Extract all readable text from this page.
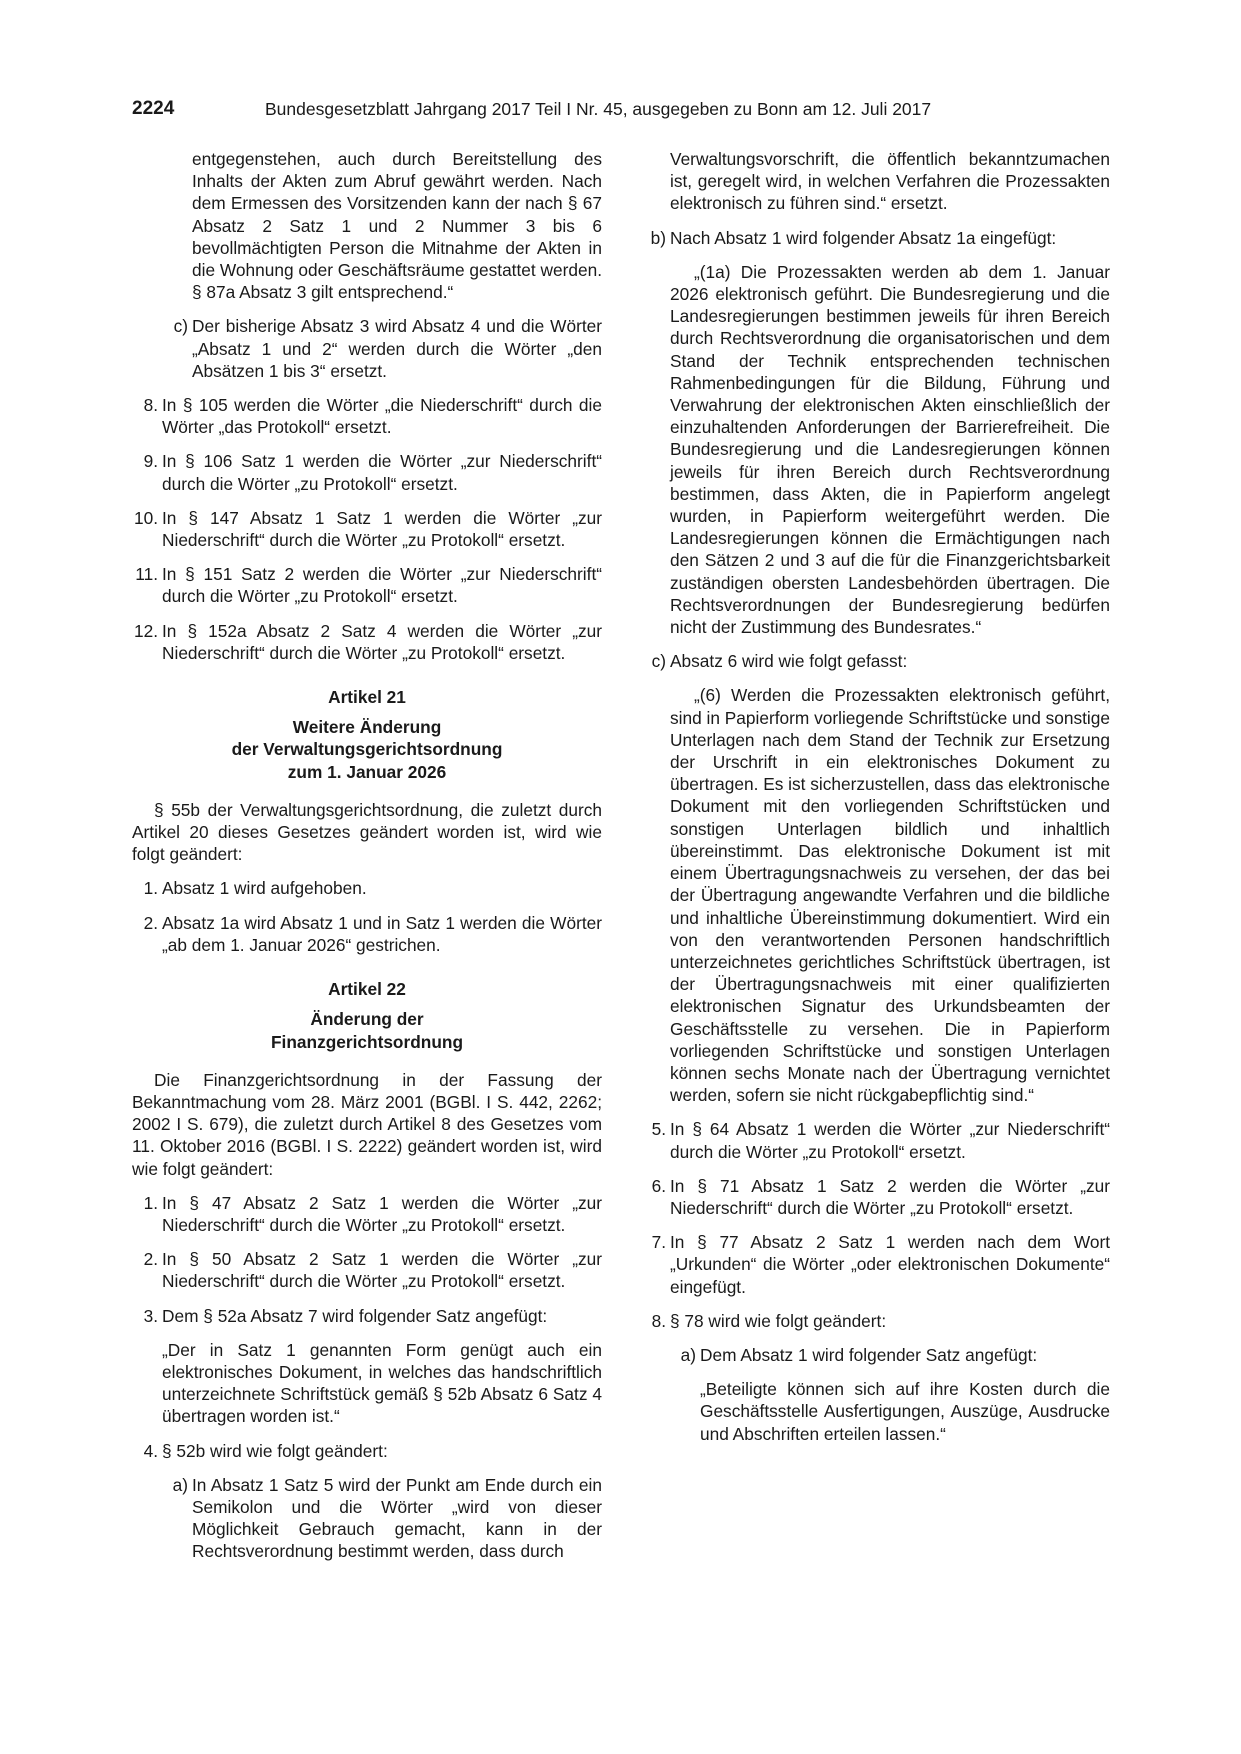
2224	Bundesgesetzblatt Jahrgang 2017 Teil I Nr. 45, ausgegeben zu Bonn am 12. Juli 2017

entgegenstehen, auch durch Bereitstellung des Inhalts der Akten zum Abruf gewährt werden. Nach dem Ermessen des Vorsitzenden kann der nach § 67 Absatz 2 Satz 1 und 2 Nummer 3 bis 6 bevollmächtigten Person die Mitnahme der Akten in die Wohnung oder Geschäftsräume gestattet werden. § 87a Absatz 3 gilt entsprechend.“

c) Der bisherige Absatz 3 wird Absatz 4 und die Wörter „Absatz 1 und 2“ werden durch die Wörter „den Absätzen 1 bis 3“ ersetzt.

8. In § 105 werden die Wörter „die Niederschrift“ durch die Wörter „das Protokoll“ ersetzt.

9. In § 106 Satz 1 werden die Wörter „zur Niederschrift“ durch die Wörter „zu Protokoll“ ersetzt.

10. In § 147 Absatz 1 Satz 1 werden die Wörter „zur Niederschrift“ durch die Wörter „zu Protokoll“ ersetzt.

11. In § 151 Satz 2 werden die Wörter „zur Niederschrift“ durch die Wörter „zu Protokoll“ ersetzt.

12. In § 152a Absatz 2 Satz 4 werden die Wörter „zur Niederschrift“ durch die Wörter „zu Protokoll“ ersetzt.

Artikel 21
Weitere Änderung
der Verwaltungsgerichtsordnung
zum 1. Januar 2026

§ 55b der Verwaltungsgerichtsordnung, die zuletzt durch Artikel 20 dieses Gesetzes geändert worden ist, wird wie folgt geändert:

1. Absatz 1 wird aufgehoben.

2. Absatz 1a wird Absatz 1 und in Satz 1 werden die Wörter „ab dem 1. Januar 2026“ gestrichen.

Artikel 22
Änderung der
Finanzgerichtsordnung

Die Finanzgerichtsordnung in der Fassung der Bekanntmachung vom 28. März 2001 (BGBl. I S. 442, 2262; 2002 I S. 679), die zuletzt durch Artikel 8 des Gesetzes vom 11. Oktober 2016 (BGBl. I S. 2222) geändert worden ist, wird wie folgt geändert:

1. In § 47 Absatz 2 Satz 1 werden die Wörter „zur Niederschrift“ durch die Wörter „zu Protokoll“ ersetzt.

2. In § 50 Absatz 2 Satz 1 werden die Wörter „zur Niederschrift“ durch die Wörter „zu Protokoll“ ersetzt.

3. Dem § 52a Absatz 7 wird folgender Satz angefügt:

„Der in Satz 1 genannten Form genügt auch ein elektronisches Dokument, in welches das handschriftlich unterzeichnete Schriftstück gemäß § 52b Absatz 6 Satz 4 übertragen worden ist.“

4. § 52b wird wie folgt geändert:

a) In Absatz 1 Satz 5 wird der Punkt am Ende durch ein Semikolon und die Wörter „wird von dieser Möglichkeit Gebrauch gemacht, kann in der Rechtsverordnung bestimmt werden, dass durch

Verwaltungsvorschrift, die öffentlich bekanntzumachen ist, geregelt wird, in welchen Verfahren die Prozessakten elektronisch zu führen sind.“ ersetzt.

b) Nach Absatz 1 wird folgender Absatz 1a eingefügt:

„(1a) Die Prozessakten werden ab dem 1. Januar 2026 elektronisch geführt. Die Bundesregierung und die Landesregierungen bestimmen jeweils für ihren Bereich durch Rechtsverordnung die organisatorischen und dem Stand der Technik entsprechenden technischen Rahmenbedingungen für die Bildung, Führung und Verwahrung der elektronischen Akten einschließlich der einzuhaltenden Anforderungen der Barrierefreiheit. Die Bundesregierung und die Landesregierungen können jeweils für ihren Bereich durch Rechtsverordnung bestimmen, dass Akten, die in Papierform angelegt wurden, in Papierform weitergeführt werden. Die Landesregierungen können die Ermächtigungen nach den Sätzen 2 und 3 auf die für die Finanzgerichtsbarkeit zuständigen obersten Landesbehörden übertragen. Die Rechtsverordnungen der Bundesregierung bedürfen nicht der Zustimmung des Bundesrates.“

c) Absatz 6 wird wie folgt gefasst:

„(6) Werden die Prozessakten elektronisch geführt, sind in Papierform vorliegende Schriftstücke und sonstige Unterlagen nach dem Stand der Technik zur Ersetzung der Urschrift in ein elektronisches Dokument zu übertragen. Es ist sicherzustellen, dass das elektronische Dokument mit den vorliegenden Schriftstücken und sonstigen Unterlagen bildlich und inhaltlich übereinstimmt. Das elektronische Dokument ist mit einem Übertragungsnachweis zu versehen, der das bei der Übertragung angewandte Verfahren und die bildliche und inhaltliche Übereinstimmung dokumentiert. Wird ein von den verantwortenden Personen handschriftlich unterzeichnetes gerichtliches Schriftstück übertragen, ist der Übertragungsnachweis mit einer qualifizierten elektronischen Signatur des Urkundsbeamten der Geschäftsstelle zu versehen. Die in Papierform vorliegenden Schriftstücke und sonstigen Unterlagen können sechs Monate nach der Übertragung vernichtet werden, sofern sie nicht rückgabepflichtig sind.“

5. In § 64 Absatz 1 werden die Wörter „zur Niederschrift“ durch die Wörter „zu Protokoll“ ersetzt.

6. In § 71 Absatz 1 Satz 2 werden die Wörter „zur Niederschrift“ durch die Wörter „zu Protokoll“ ersetzt.

7. In § 77 Absatz 2 Satz 1 werden nach dem Wort „Urkunden“ die Wörter „oder elektronischen Dokumente“ eingefügt.

8. § 78 wird wie folgt geändert:

a) Dem Absatz 1 wird folgender Satz angefügt:

„Beteiligte können sich auf ihre Kosten durch die Geschäftsstelle Ausfertigungen, Auszüge, Ausdrucke und Abschriften erteilen lassen.“
